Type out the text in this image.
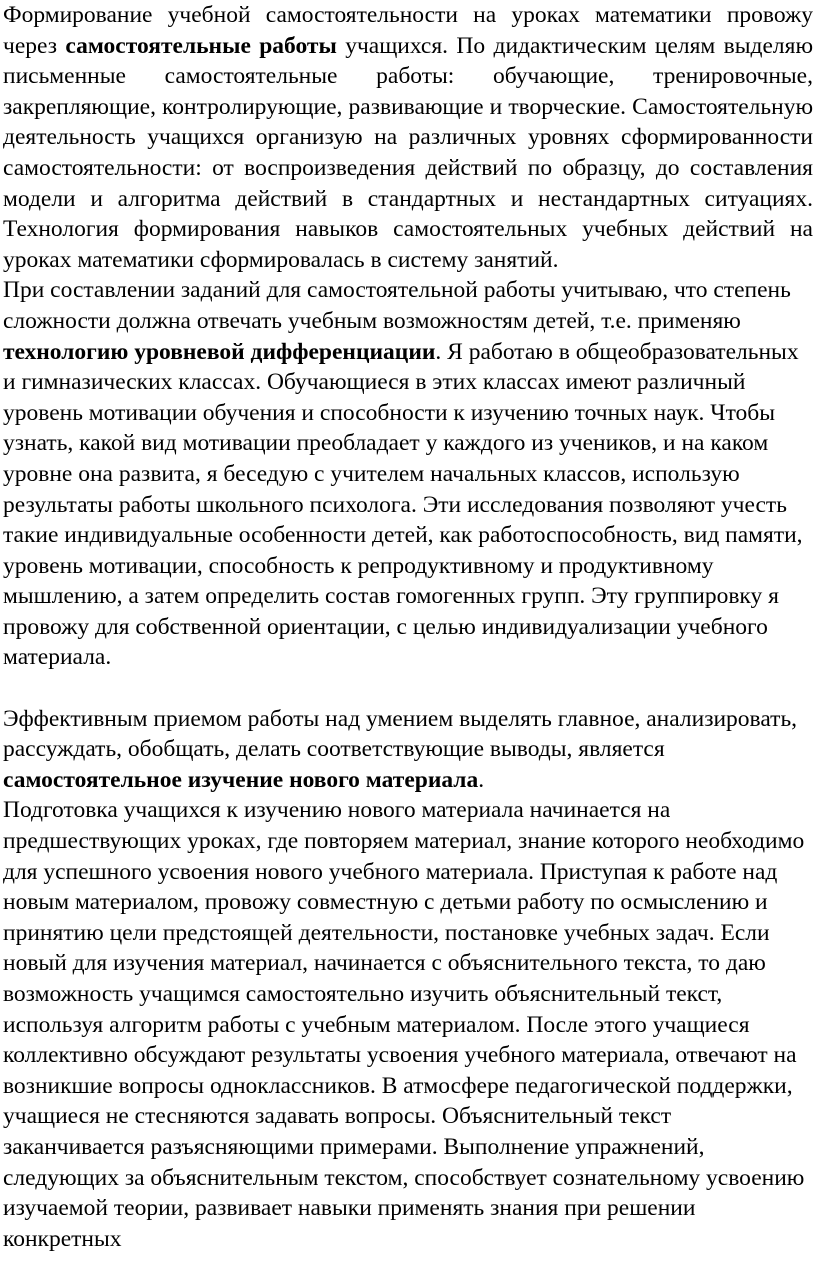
Формирование учебной самостоятельности на уроках математики провожу через самостоятельные работы учащихся. По дидактическим целям выделяю письменные самостоятельные работы: обучающие, тренировочные, закрепляющие, контролирующие, развивающие и творческие. Самостоятельную деятельность учащихся организую на различных уровнях сформированности самостоятельности: от воспроизведения действий по образцу, до составления модели и алгоритма действий в стандартных и нестандартных ситуациях. Технология формирования навыков самостоятельных учебных действий на уроках математики сформировалась в систему занятий.

При составлении заданий для самостоятельной работы учитываю, что степень сложности должна отвечать учебным возможностям детей, т.е. применяю технологию уровневой дифференциации. Я работаю в общеобразовательных и гимназических классах. Обучающиеся в этих классах имеют различный уровень мотивации обучения и способности к изучению точных наук. Чтобы узнать, какой вид мотивации преобладает у каждого из учеников, и на каком уровне она развита, я беседую с учителем начальных классов, использую результаты работы школьного психолога. Эти исследования позволяют учесть такие индивидуальные особенности детей, как работоспособность, вид памяти, уровень мотивации, способность к репродуктивному и продуктивному мышлению, а затем определить состав гомогенных групп. Эту группировку я провожу для собственной ориентации, с целью индивидуализации учебного материала.

Эффективным приемом работы над умением выделять главное, анализировать, рассуждать, обобщать, делать соответствующие выводы, является самостоятельное изучение нового материала.

Подготовка учащихся к изучению нового материала начинается на предшествующих уроках, где повторяем материал, знание которого необходимо для успешного усвоения нового учебного материала. Приступая к работе над новым материалом, провожу совместную с детьми работу по осмыслению и принятию цели предстоящей деятельности, постановке учебных задач. Если новый для изучения материал, начинается с объяснительного текста, то даю возможность учащимся самостоятельно изучить объяснительный текст, используя алгоритм работы с учебным материалом. После этого учащиеся коллективно обсуждают результаты усвоения учебного материала, отвечают на возникшие вопросы одноклассников. В атмосфере педагогической поддержки, учащиеся не стесняются задавать вопросы. Объяснительный текст заканчивается разъясняющими примерами. Выполнение упражнений, следующих за объяснительным текстом, способствует сознательному усвоению изучаемой теории, развивает навыки применять знания при решении конкретных
